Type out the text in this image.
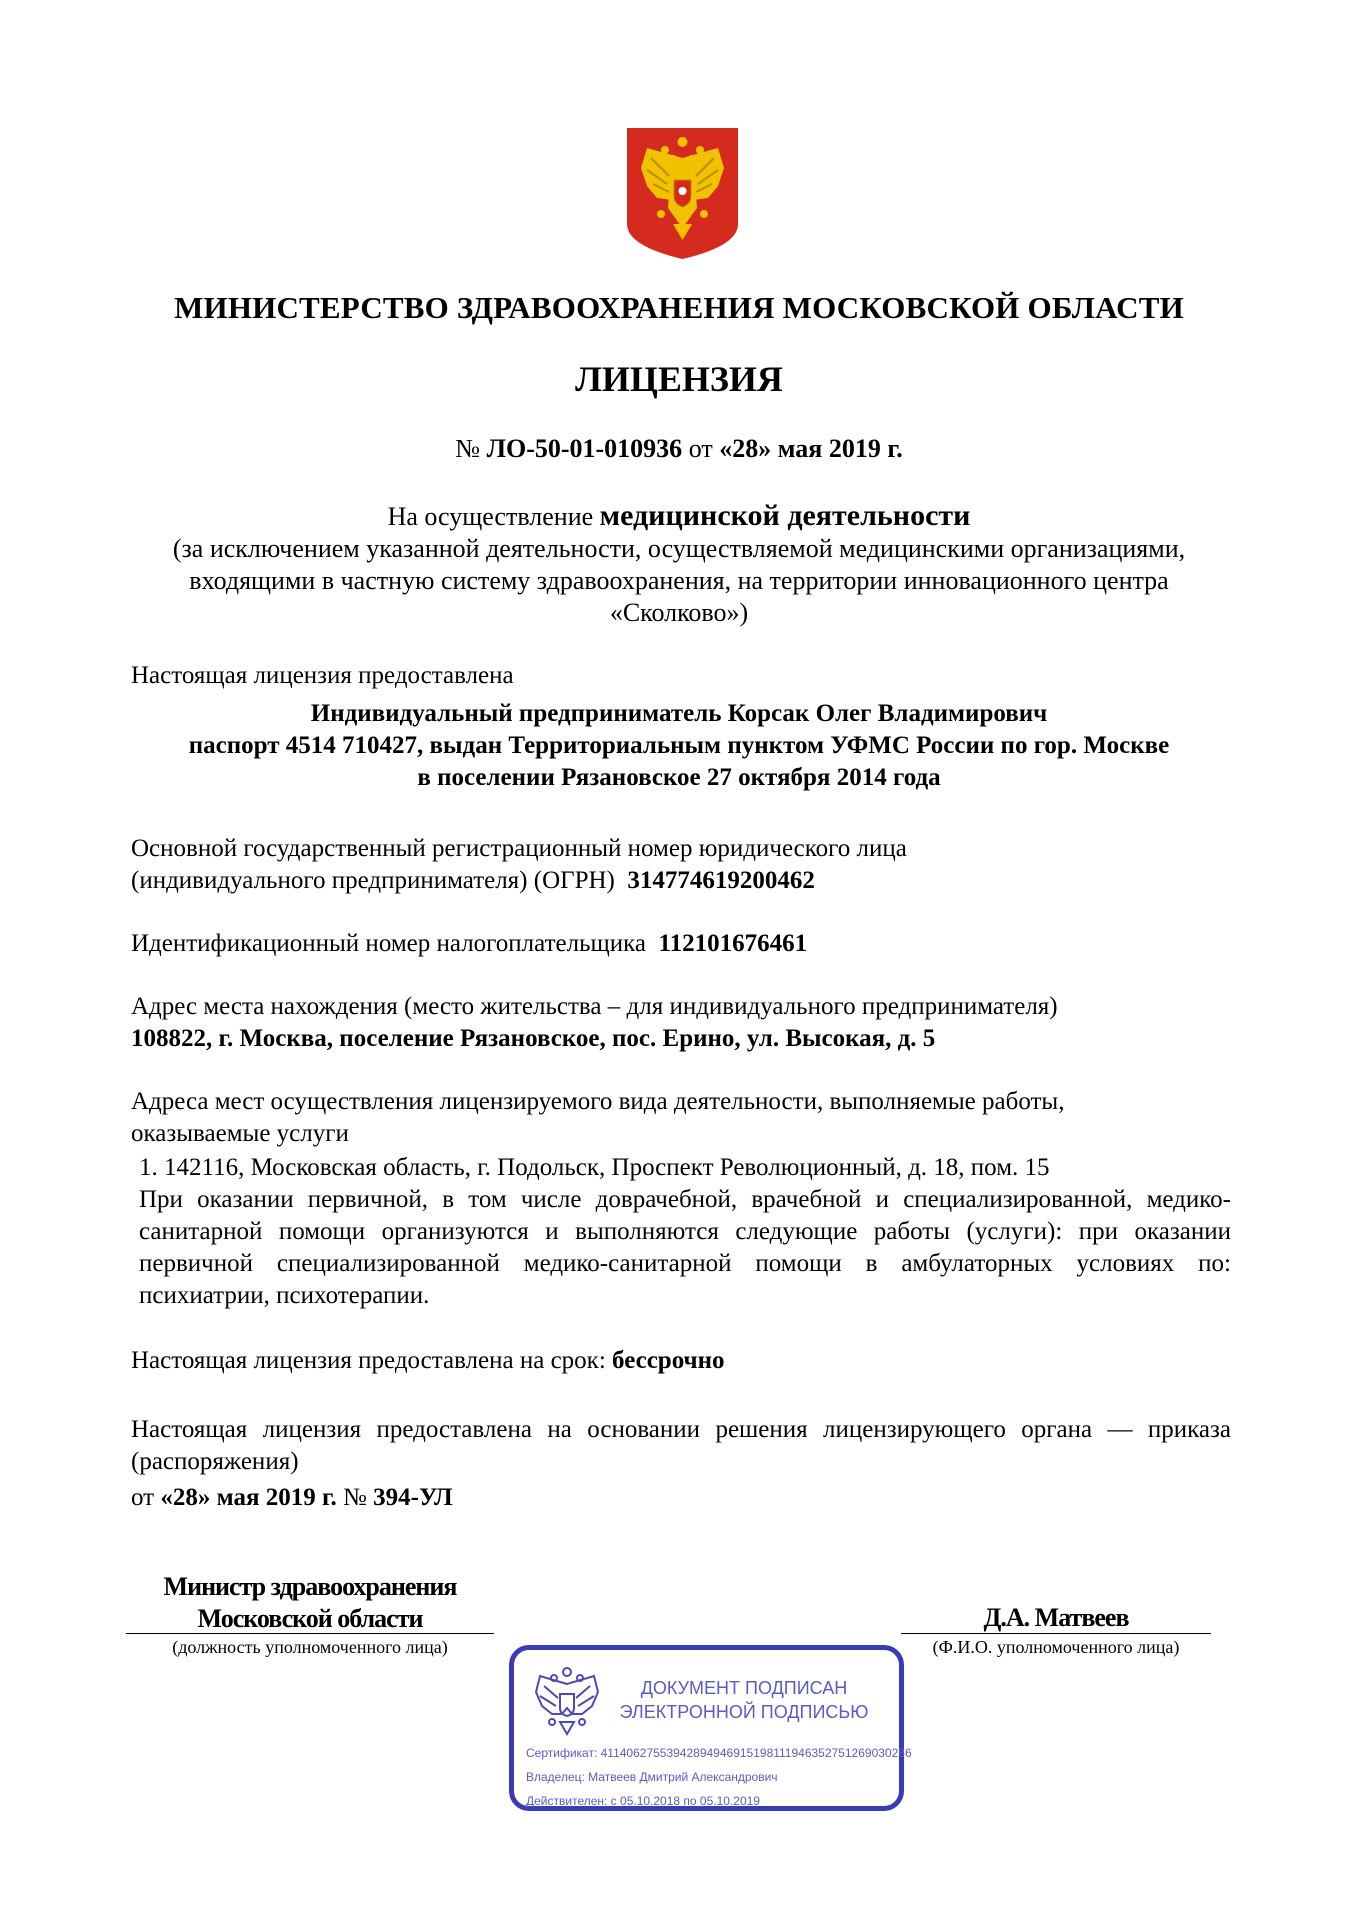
МИНИСТЕРСТВО ЗДРАВООХРАНЕНИЯ МОСКОВСКОЙ ОБЛАСТИ
ЛИЦЕНЗИЯ
№ ЛО-50-01-010936 от «28» мая 2019 г.
На осуществление медицинской деятельности
(за исключением указанной деятельности, осуществляемой медицинскими организациями,
входящими в частную систему здравоохранения, на территории инновационного центра
«Сколково»)
Настоящая лицензия предоставлена
Индивидуальный предприниматель Корсак Олег Владимирович
паспорт 4514 710427, выдан Территориальным пунктом УФМС России по гор. Москве
в поселении Рязановское 27 октября 2014 года
Основной государственный регистрационный номер юридического лица
(индивидуального предпринимателя) (ОГРН) 314774619200462
Идентификационный номер налогоплательщика 112101676461
Адрес места нахождения (место жительства – для индивидуального предпринимателя)
108822, г. Москва, поселение Рязановское, пос. Ерино, ул. Высокая, д. 5
Адреса мест осуществления лицензируемого вида деятельности, выполняемые работы,
оказываемые услуги
1. 142116, Московская область, г. Подольск, Проспект Революционный, д. 18, пом. 15
При оказании первичной, в том числе доврачебной, врачебной и специализированной, медико-санитарной помощи организуются и выполняются следующие работы (услуги): при оказании первичной специализированной медико-санитарной помощи в амбулаторных условиях по: психиатрии, психотерапии.
Настоящая лицензия предоставлена на срок: бессрочно
Настоящая лицензия предоставлена на основании решения лицензирующего органа — приказа (распоряжения)
от «28» мая 2019 г. № 394-УЛ
Министр здравоохранения
Московской области
(должность уполномоченного лица)
Д.А. Матвеев
(Ф.И.О. уполномоченного лица)
ДОКУМЕНТ ПОДПИСАН
ЭЛЕКТРОННОЙ ПОДПИСЬЮ
Сертификат: 41140627553942894946915198111946352751269030286
Владелец: Матвеев Дмитрий Александрович
Действителен: с 05.10.2018 по 05.10.2019
